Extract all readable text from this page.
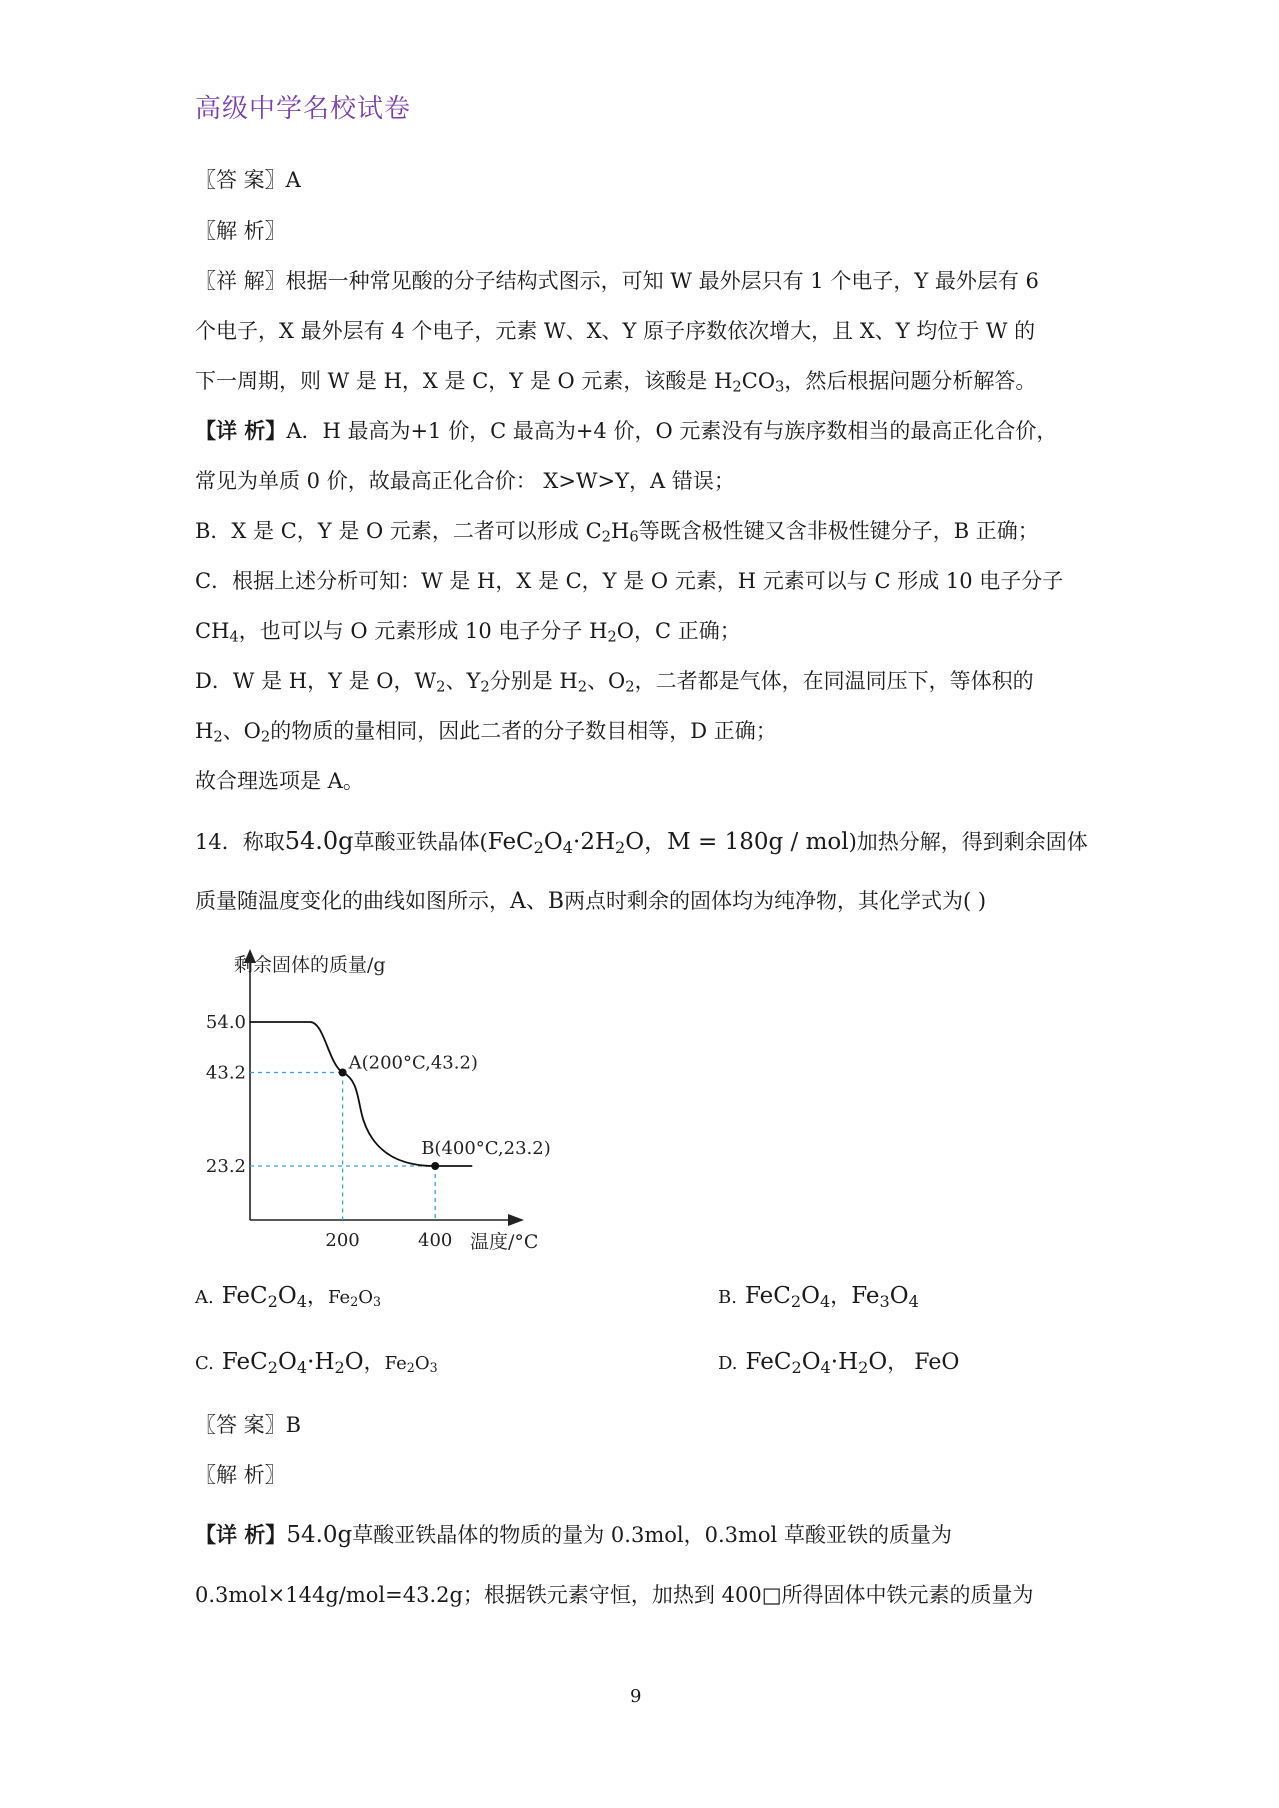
高级中学名校试卷
〖答 案〗A
〖解 析〗
〖祥 解〗根据一种常见酸的分子结构式图示，可知 W 最外层只有 1 个电子，Y 最外层有 6
个电子，X 最外层有 4 个电子，元素 W、X、Y 原子序数依次增大，且 X、Y 均位于 W 的
下一周期，则 W 是 H，X 是 C，Y 是 O 元素，该酸是 $H_2CO_3$，然后根据问题分析解答。
【详 析】A．H 最高为+1 价，C 最高为+4 价，O 元素没有与族序数相当的最高正化合价，
常见为单质 0 价，故最高正化合价： X>W>Y，A 错误；
B．X 是 C，Y 是 O 元素，二者可以形成 $C_2H_6$等既含极性键又含非极性键分子，B 正确；
C．根据上述分析可知：W 是 H，X 是 C，Y 是 O 元素，H 元素可以与 C 形成 10 电子分子
$CH_4$，也可以与 O 元素形成 10 电子分子 $H_2O$，C 正确；
D．W 是 H，Y 是 O，$W_2$、$Y_2$分别是 $H_2$、$O_2$，二者都是气体，在同温同压下，等体积的
$H_2$、$O_2$的物质的量相同，因此二者的分子数目相等，D 正确；
故合理选项是 A。
14．称取54.0g草酸亚铁晶体($FeC_2O_4\cdot 2H_2O$，M = 180g / mol)加热分解，得到剩余固体
质量随温度变化的曲线如图所示，A、B两点时剩余的固体均为纯净物，其化学式为( )
剩余固体的质量/g
温度/°C
54.0
43.2
23.2
200	400
A(200°C,43.2)
B(400°C,23.2)
A. $FeC_2O_4$，$Fe_2O_3$	B. $FeC_2O_4$，$Fe_3O_4$
C. $FeC_2O_4\cdot H_2O$，$Fe_2O_3$	D. $FeC_2O_4\cdot H_2O$， FeO
〖答 案〗B
〖解 析〗
【详 析】54.0g草酸亚铁晶体的物质的量为 0.3mol，0.3mol 草酸亚铁的质量为
0.3mol×144g/mol=43.2g；根据铁元素守恒，加热到 400□所得固体中铁元素的质量为
9
